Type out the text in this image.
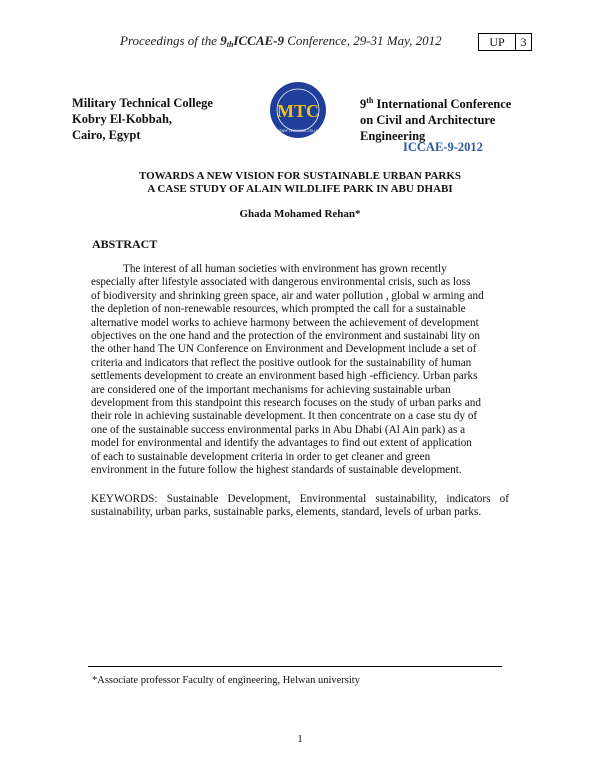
Proceedings of the $9_{th}ICCAE-9$ Conference, 29-31 May, 2012	UP	3
Military Technical College
Kobry El-Kobbah,
Cairo, Egypt
MTC
MILITARY TECHNICAL COLLEGE
9th International Conference
on Civil and Architecture
Engineering
ICCAE-9-2012
TOWARDS A NEW VISION FOR SUSTAINABLE URBAN PARKS
A CASE STUDY OF ALAIN WILDLIFE PARK IN ABU DHABI
Ghada Mohamed Rehan*
ABSTRACT
The interest of all human societies with environment has grown recently
especially after lifestyle associated with dangerous environmental crisis, such as loss
of biodiversity and shrinking green space, air and water pollution , global w arming and
the depletion of non-renewable resources, which prompted the call for a sustainable
alternative model works to achieve harmony between the achievement of development
objectives on the one hand and the protection of the environment and sustainabi lity on
the other hand The UN Conference on Environment and Development include a set of
criteria and indicators that reflect the positive outlook for the sustainability of human
settlements development to create an environment based high -efficiency. Urban parks
are considered one of the important mechanisms for achieving sustainable urban
development from this standpoint this research focuses on the study of urban parks and
their role in achieving sustainable development. It then concentrate on a case stu dy of
one of the sustainable success environmental parks in Abu Dhabi (Al Ain park) as a
model for environmental and identify the advantages to find out extent of application
of each to sustainable development criteria in order to get cleaner and green
environment in the future follow the highest standards of sustainable development.
KEYWORDS: Sustainable Development, Environmental sustainability, indicators of sustainability, urban parks, sustainable parks, elements, standard, levels of urban parks.
*Associate professor Faculty of engineering, Helwan university
1
